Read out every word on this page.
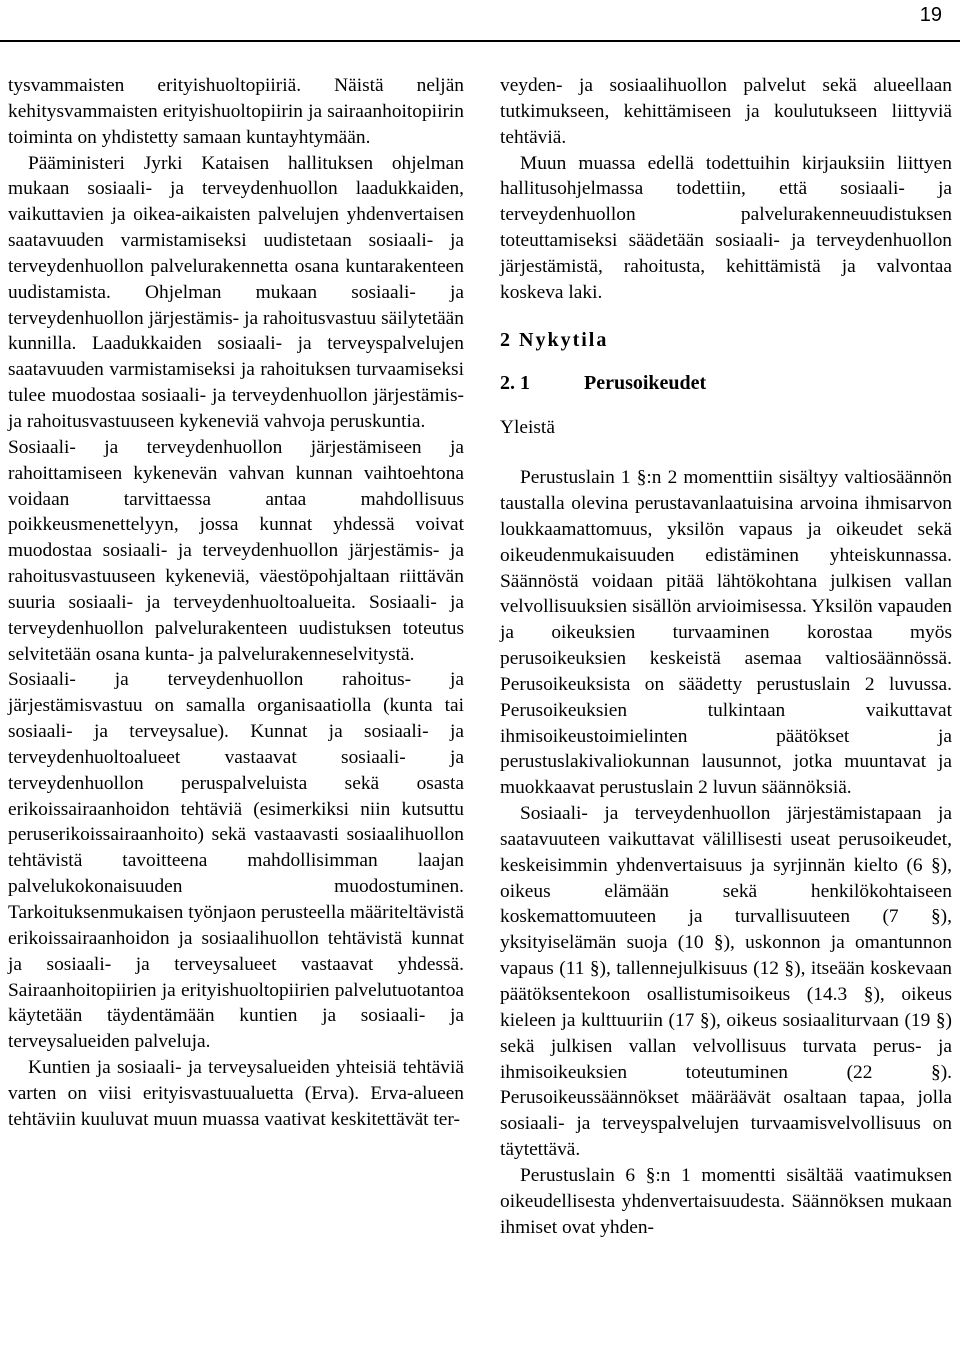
19

tysvammaisten erityishuoltopiiriä. Näistä neljän kehitysvammaisten erityishuoltopiirin ja sairaanhoitopiirin toiminta on yhdistetty samaan kuntayhtymään.

Pääministeri Jyrki Kataisen hallituksen ohjelman mukaan sosiaali- ja terveydenhuollon laadukkaiden, vaikuttavien ja oikea-aikaisten palvelujen yhdenvertaisen saatavuuden varmistamiseksi uudistetaan sosiaali- ja terveydenhuollon palvelurakennetta osana kuntarakenteen uudistamista. Ohjelman mukaan sosiaali- ja terveydenhuollon järjestämis- ja rahoitusvastuu säilytetään kunnilla. Laadukkaiden sosiaali- ja terveyspalvelujen saatavuuden varmistamiseksi ja rahoituksen turvaamiseksi tulee muodostaa sosiaali- ja terveydenhuollon järjestämis- ja rahoitusvastuuseen kykeneviä vahvoja peruskuntia.

Sosiaali- ja terveydenhuollon järjestämiseen ja rahoittamiseen kykenevän vahvan kunnan vaihtoehtona voidaan tarvittaessa antaa mahdollisuus poikkeusmenettelyyn, jossa kunnat yhdessä voivat muodostaa sosiaali- ja terveydenhuollon järjestämis- ja rahoitusvastuuseen kykeneviä, väestöpohjaltaan riittävän suuria sosiaali- ja terveydenhuoltoalueita. Sosiaali- ja terveydenhuollon palvelurakenteen uudistuksen toteutus selvitetään osana kunta- ja palvelurakenneselvitystä.

Sosiaali- ja terveydenhuollon rahoitus- ja järjestämisvastuu on samalla organisaatiolla (kunta tai sosiaali- ja terveysalue). Kunnat ja sosiaali- ja terveydenhuoltoalueet vastaavat sosiaali- ja terveydenhuollon peruspalveluista sekä osasta erikoissairaanhoidon tehtäviä (esimerkiksi niin kutsuttu peruserikoissairaanhoito) sekä vastaavasti sosiaalihuollon tehtävistä tavoitteena mahdollisimman laajan palvelukokonaisuuden muodostuminen. Tarkoituksenmukaisen työnjaon perusteella määriteltävistä erikoissairaanhoidon ja sosiaalihuollon tehtävistä kunnat ja sosiaali- ja terveysalueet vastaavat yhdessä. Sairaanhoitopiirien ja erityishuoltopiirien palvelutuotantoa käytetään täydentämään kuntien ja sosiaali- ja terveysalueiden palveluja.

Kuntien ja sosiaali- ja terveysalueiden yhteisiä tehtäviä varten on viisi erityisvastuualuetta (Erva). Erva-alueen tehtäviin kuuluvat muun muassa vaativat keskitettävät ter-

veyden- ja sosiaalihuollon palvelut sekä alueellaan tutkimukseen, kehittämiseen ja koulutukseen liittyviä tehtäviä.

Muun muassa edellä todettuihin kirjauksiin liittyen hallitusohjelmassa todettiin, että sosiaali- ja terveydenhuollon palvelurakenneuudistuksen toteuttamiseksi säädetään sosiaali- ja terveydenhuollon järjestämistä, rahoitusta, kehittämistä ja valvontaa koskeva laki.

2 Nykytila
2. 1	Perusoikeudet
Yleistä

Perustuslain 1 §:n 2 momenttiin sisältyy valtiosäännön taustalla olevina perustavanlaatuisina arvoina ihmisarvon loukkaamattomuus, yksilön vapaus ja oikeudet sekä oikeudenmukaisuuden edistäminen yhteiskunnassa. Säännöstä voidaan pitää lähtökohtana julkisen vallan velvollisuuksien sisällön arvioimisessa. Yksilön vapauden ja oikeuksien turvaaminen korostaa myös perusoikeuksien keskeistä asemaa valtiosäännössä. Perusoikeuksista on säädetty perustuslain 2 luvussa. Perusoikeuksien tulkintaan vaikuttavat ihmisoikeustoimielinten päätökset ja perustuslakivaliokunnan lausunnot, jotka muuntavat ja muokkaavat perustuslain 2 luvun säännöksiä.

Sosiaali- ja terveydenhuollon järjestämistapaan ja saatavuuteen vaikuttavat välillisesti useat perusoikeudet, keskeisimmin yhdenvertaisuus ja syrjinnän kielto (6 §), oikeus elämään sekä henkilökohtaiseen koskemattomuuteen ja turvallisuuteen (7 §), yksityiselämän suoja (10 §), uskonnon ja omantunnon vapaus (11 §), tallennejulkisuus (12 §), itseään koskevaan päätöksentekoon osallistumisoikeus (14.3 §), oikeus kieleen ja kulttuuriin (17 §), oikeus sosiaaliturvaan (19 §) sekä julkisen vallan velvollisuus turvata perus- ja ihmisoikeuksien toteutuminen (22 §). Perusoikeussäännökset määräävät osaltaan tapaa, jolla sosiaali- ja terveyspalvelujen turvaamisvelvollisuus on täytettävä.

Perustuslain 6 §:n 1 momentti sisältää vaatimuksen oikeudellisesta yhdenvertaisuudesta. Säännöksen mukaan ihmiset ovat yhden-
